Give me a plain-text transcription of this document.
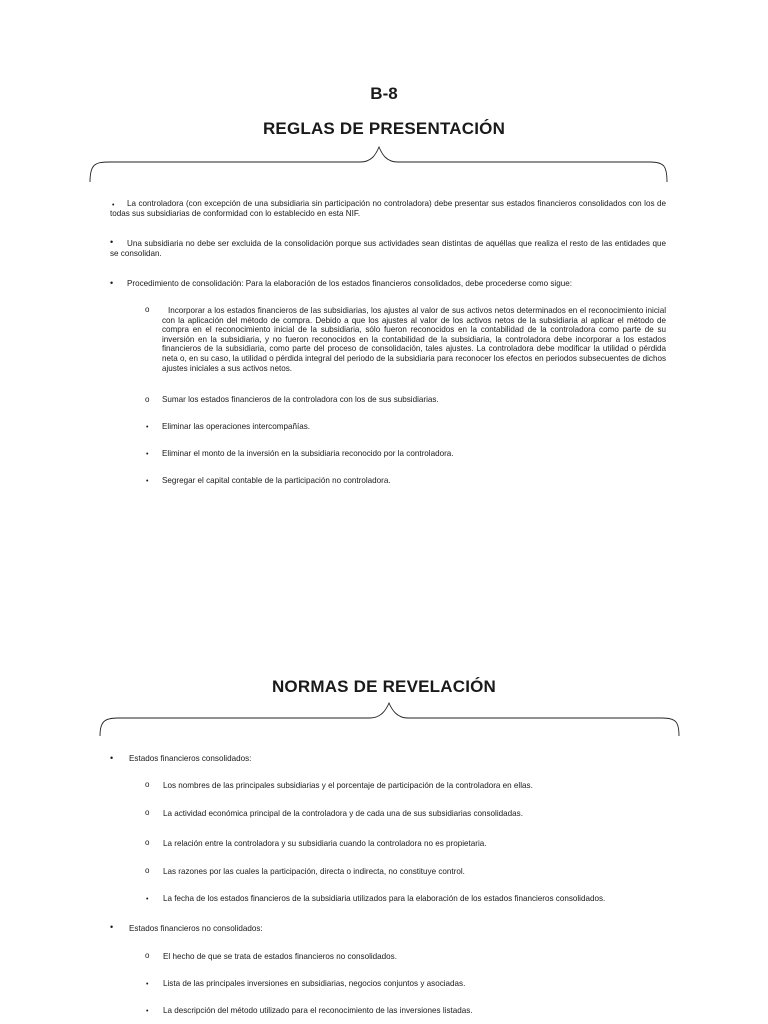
B-8
REGLAS DE PRESENTACIÓN
•	La controladora (con excepción de una subsidiaria sin participación no controladora) debe presentar sus estados financieros consolidados con los de todas sus subsidiarias de conformidad con lo establecido en esta NIF.
•	Una subsidiaria no debe ser excluida de la consolidación porque sus actividades sean distintas de aquéllas que realiza el resto de las entidades que se consolidan.
• Procedimiento de consolidación: Para la elaboración de los estados financieros consolidados, debe procederse como sigue:
o	Incorporar a los estados financieros de las subsidiarias, los ajustes al valor de sus activos netos determinados en el reconocimiento inicial con la aplicación del método de compra. Debido a que los ajustes al valor de los activos netos de la subsidiaria al aplicar el método de compra en el reconocimiento inicial de la subsidiaria, sólo fueron reconocidos en la contabilidad de la controladora como parte de su inversión en la subsidiaria, y no fueron reconocidos en la contabilidad de la subsidiaria, la controladora debe incorporar a los estados financieros de la subsidiaria, como parte del proceso de consolidación, tales ajustes. La controladora debe modificar la utilidad o pérdida neta o, en su caso, la utilidad o pérdida integral del periodo de la subsidiaria para reconocer los efectos en periodos subsecuentes de dichos ajustes iniciales a sus activos netos.
o Sumar los estados financieros de la controladora con los de sus subsidiarias.
• Eliminar las operaciones intercompañías.
• Eliminar el monto de la inversión en la subsidiaria reconocido por la controladora.
• Segregar el capital contable de la participación no controladora.
NORMAS DE REVELACIÓN
• Estados financieros consolidados:
o Los nombres de las principales subsidiarias y el porcentaje de participación de la controladora en ellas.
o La actividad económica principal de la controladora y de cada una de sus subsidiarias consolidadas.
o La relación entre la controladora y su subsidiaria cuando la controladora no es propietaria.
o Las razones por las cuales la participación, directa o indirecta, no constituye control.
• La fecha de los estados financieros de la subsidiaria utilizados para la elaboración de los estados financieros consolidados.
• Estados financieros no consolidados:
o El hecho de que se trata de estados financieros no consolidados.
• Lista de las principales inversiones en subsidiarias, negocios conjuntos y asociadas.
• La descripción del método utilizado para el reconocimiento de las inversiones listadas.
